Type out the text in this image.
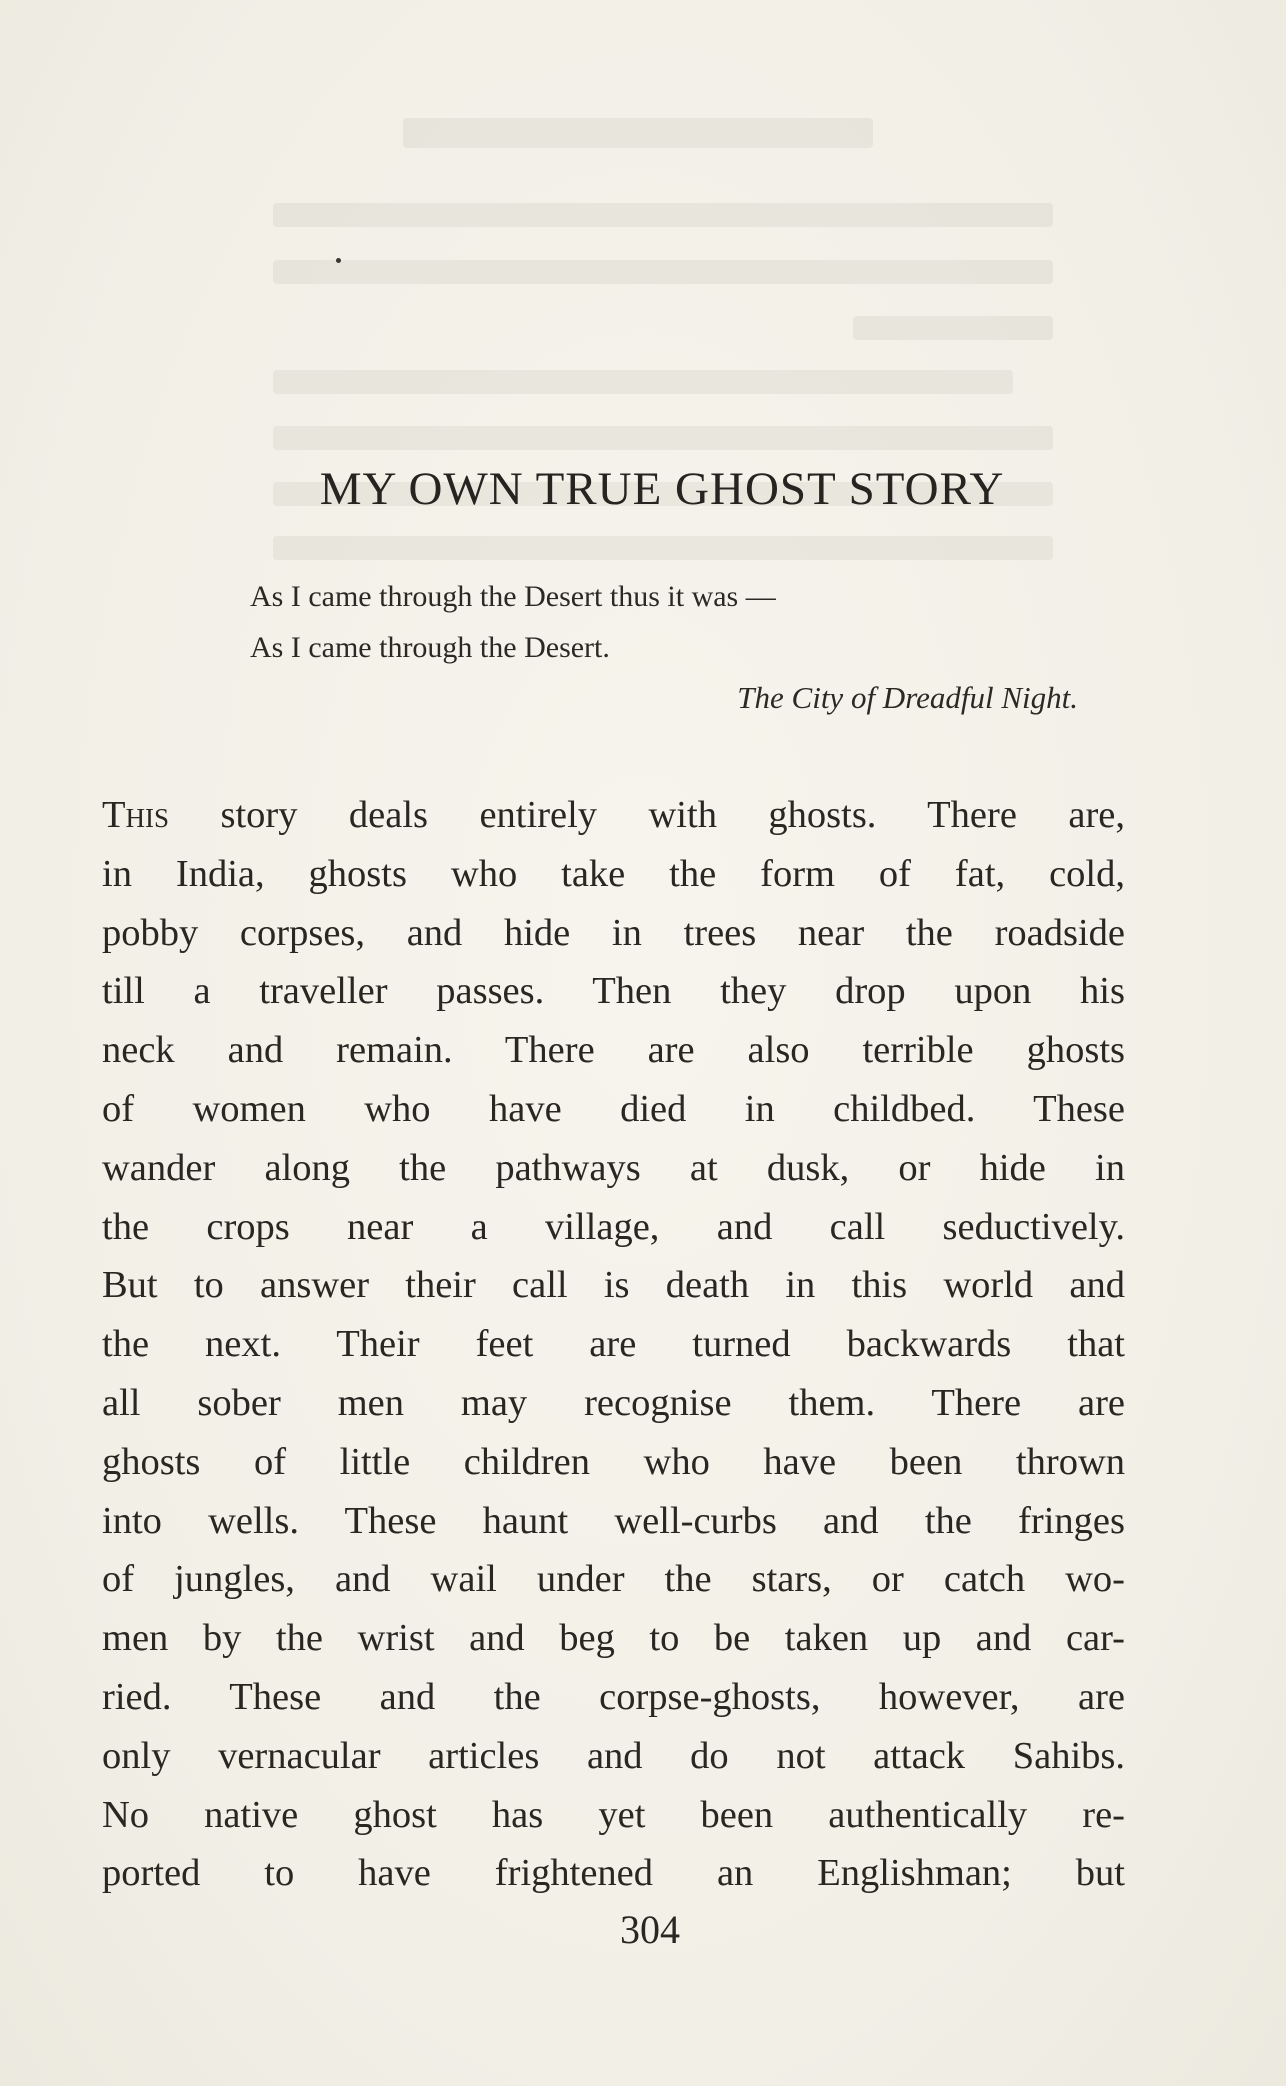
MY OWN TRUE GHOST STORY
As I came through the Desert thus it was —
As I came through the Desert.
The City of Dreadful Night.
This story deals entirely with ghosts. There are,
in India, ghosts who take the form of fat, cold,
pobby corpses, and hide in trees near the roadside
till a traveller passes. Then they drop upon his
neck and remain. There are also terrible ghosts
of women who have died in childbed. These
wander along the pathways at dusk, or hide in
the crops near a village, and call seductively.
But to answer their call is death in this world and
the next. Their feet are turned backwards that
all sober men may recognise them. There are
ghosts of little children who have been thrown
into wells. These haunt well-curbs and the fringes
of jungles, and wail under the stars, or catch wo-
men by the wrist and beg to be taken up and car-
ried. These and the corpse-ghosts, however, are
only vernacular articles and do not attack Sahibs.
No native ghost has yet been authentically re-
ported to have frightened an Englishman; but
304
